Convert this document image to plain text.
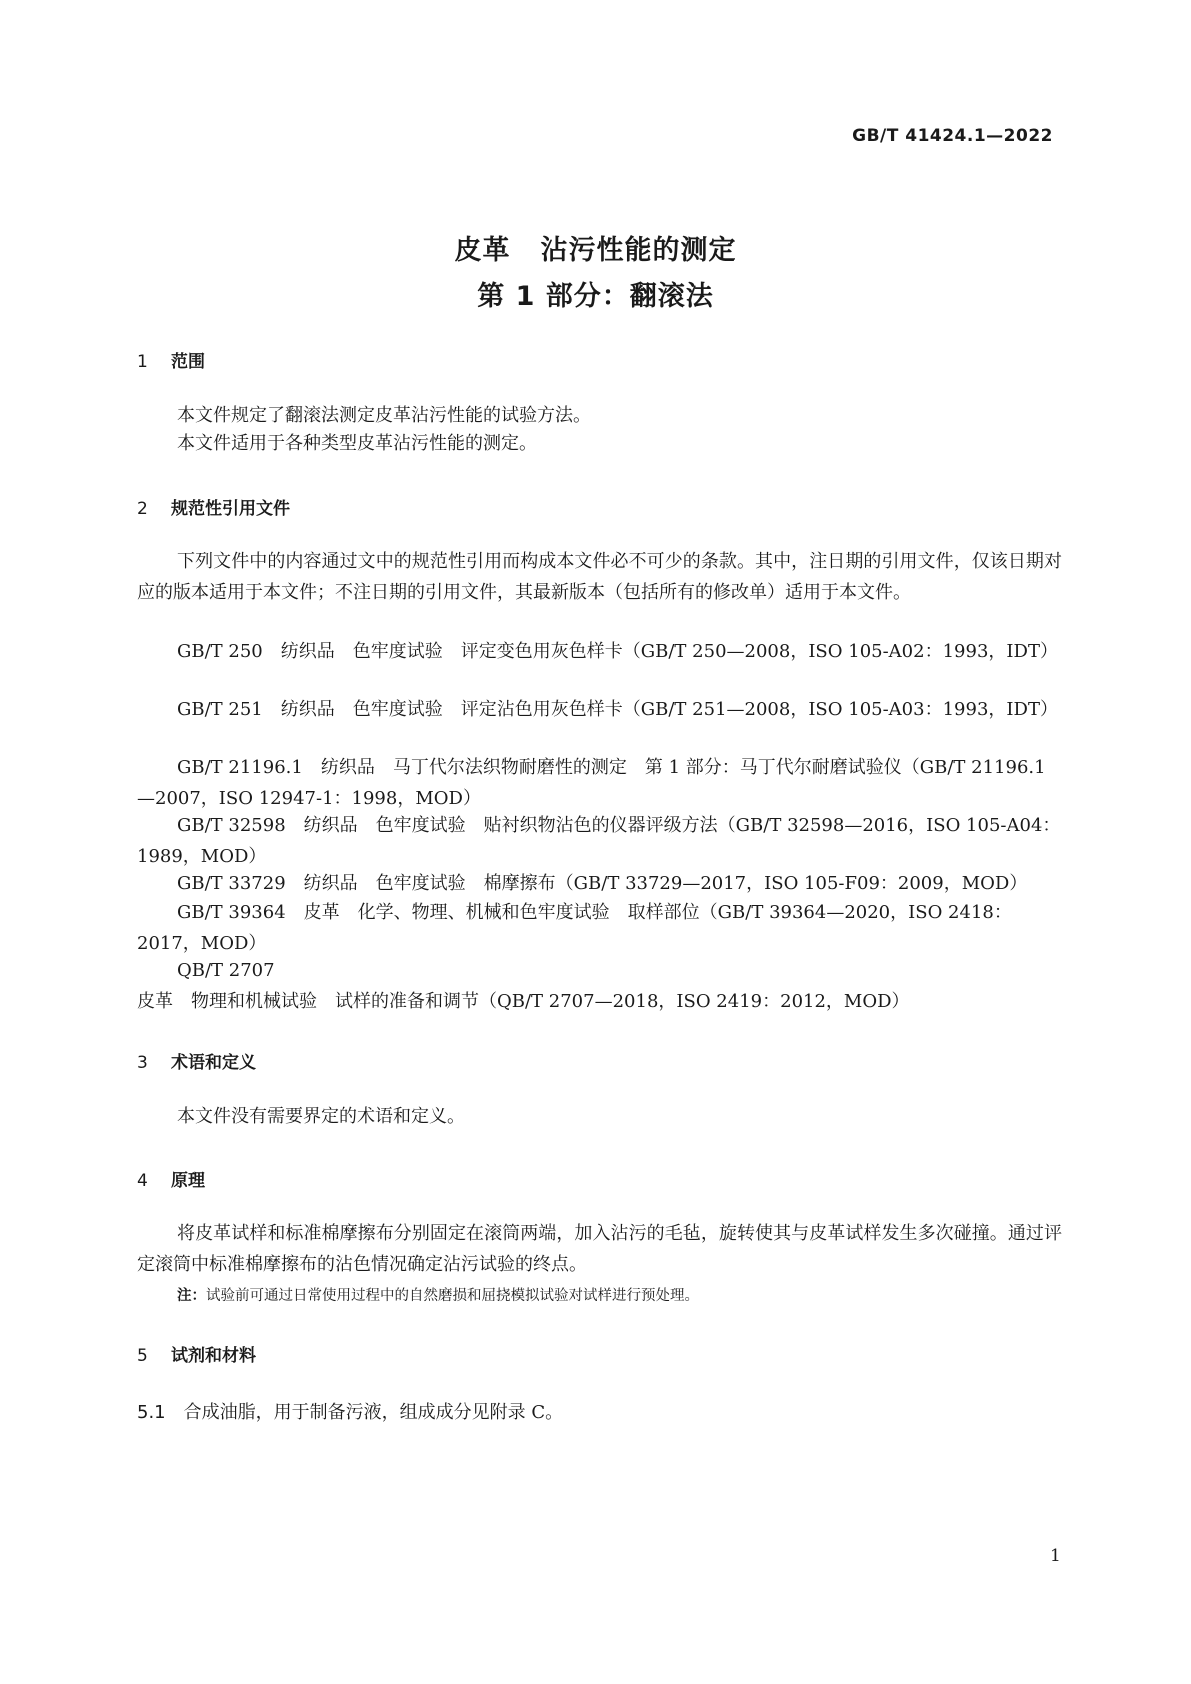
GB/T 41424.1—2022
皮革 沾污性能的测定
第 1 部分：翻滚法
1 范围
本文件规定了翻滚法测定皮革沾污性能的试验方法。
本文件适用于各种类型皮革沾污性能的测定。
2 规范性引用文件
下列文件中的内容通过文中的规范性引用而构成本文件必不可少的条款。其中，注日期的引用文件，仅该日期对应的版本适用于本文件；不注日期的引用文件，其最新版本（包括所有的修改单）适用于本文件。
GB/T 250 纺织品　色牢度试验　评定变色用灰色样卡（GB/T 250—2008，ISO 105-A02：1993，IDT）
GB/T 251 纺织品　色牢度试验　评定沾色用灰色样卡（GB/T 251—2008，ISO 105-A03：1993，IDT）
GB/T 21196.1 纺织品　马丁代尔法织物耐磨性的测定　第 1 部分：马丁代尔耐磨试验仪（GB/T 21196.1—2007，ISO 12947-1：1998，MOD）
GB/T 32598 纺织品　色牢度试验　贴衬织物沾色的仪器评级方法（GB/T 32598—2016，ISO 105-A04：1989，MOD）
GB/T 33729 纺织品　色牢度试验　棉摩擦布（GB/T 33729—2017，ISO 105-F09：2009，MOD）
GB/T 39364 皮革　化学、物理、机械和色牢度试验　取样部位（GB/T 39364—2020，ISO 2418：2017，MOD）
QB/T 2707皮革　物理和机械试验　试样的准备和调节（QB/T 2707—2018，ISO 2419：2012，MOD）
3 术语和定义
本文件没有需要界定的术语和定义。
4 原理
将皮革试样和标准棉摩擦布分别固定在滚筒两端，加入沾污的毛毡，旋转使其与皮革试样发生多次碰撞。通过评定滚筒中标准棉摩擦布的沾色情况确定沾污试验的终点。
注：试验前可通过日常使用过程中的自然磨损和屈挠模拟试验对试样进行预处理。
5 试剂和材料
5.1 合成油脂，用于制备污液，组成成分见附录 C。
1
